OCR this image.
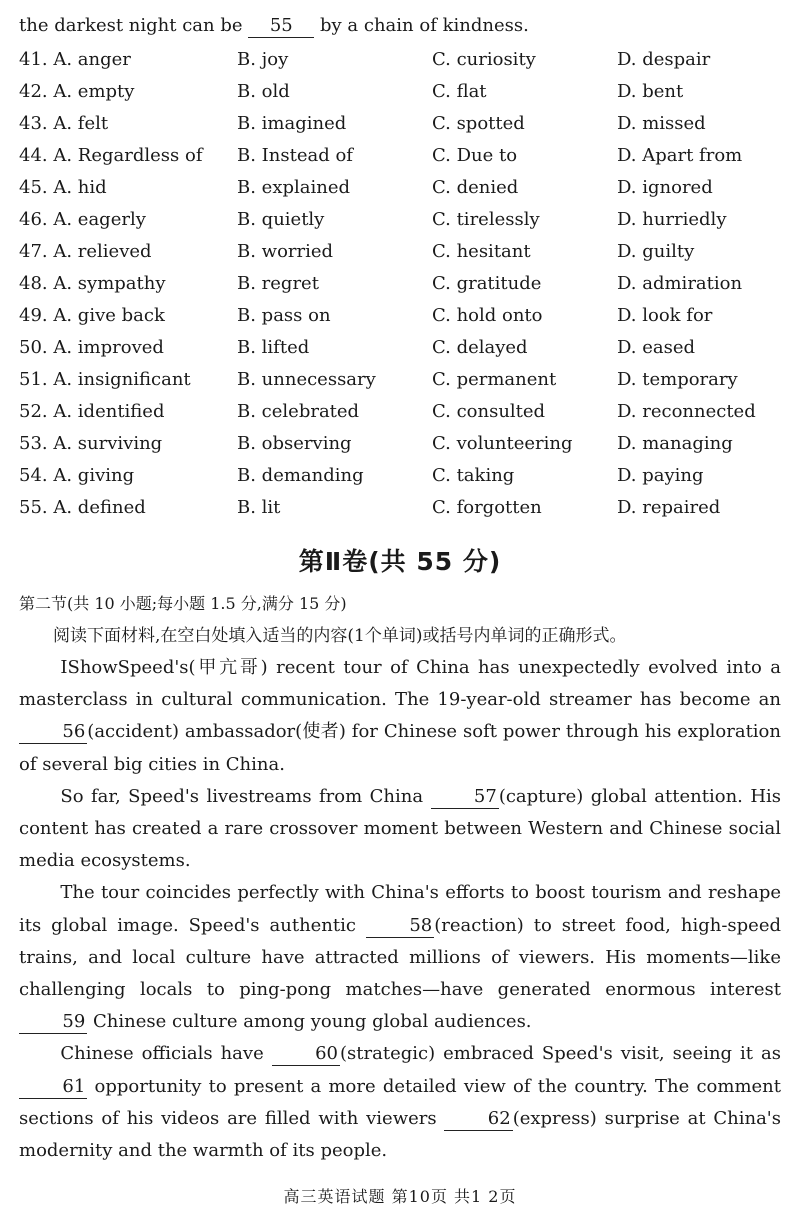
the darkest night can be 55 by a chain of kindness.
41. A. anger	B. joy	C. curiosity	D. despair
42. A. empty	B. old	C. flat	D. bent
43. A. felt	B. imagined	C. spotted	D. missed
44. A. Regardless of	B. Instead of	C. Due to	D. Apart from
45. A. hid	B. explained	C. denied	D. ignored
46. A. eagerly	B. quietly	C. tirelessly	D. hurriedly
47. A. relieved	B. worried	C. hesitant	D. guilty
48. A. sympathy	B. regret	C. gratitude	D. admiration
49. A. give back	B. pass on	C. hold onto	D. look for
50. A. improved	B. lifted	C. delayed	D. eased
51. A. insignificant	B. unnecessary	C. permanent	D. temporary
52. A. identified	B. celebrated	C. consulted	D. reconnected
53. A. surviving	B. observing	C. volunteering	D. managing
54. A. giving	B. demanding	C. taking	D. paying
55. A. defined	B. lit	C. forgotten	D. repaired
第Ⅱ卷(共 55 分)
第二节(共 10 小题;每小题 1.5 分,满分 15 分)
阅读下面材料,在空白处填入适当的内容(1个单词)或括号内单词的正确形式。

IShowSpeed's(甲亢哥) recent tour of China has unexpectedly evolved into a masterclass in cultural communication. The 19-year-old streamer has become an 56 (accident) ambassador(使者) for Chinese soft power through his exploration of several big cities in China.

So far, Speed's livestreams from China 57 (capture) global attention. His content has created a rare crossover moment between Western and Chinese social media ecosystems.

The tour coincides perfectly with China's efforts to boost tourism and reshape its global image. Speed's authentic 58 (reaction) to street food, high-speed trains, and local culture have attracted millions of viewers. His moments—like challenging locals to ping-pong matches—have generated enormous interest 59 Chinese culture among young global audiences.

Chinese officials have 60 (strategic) embraced Speed's visit, seeing it as 61 opportunity to present a more detailed view of the country. The comment sections of his videos are filled with viewers 62 (express) surprise at China's modernity and the warmth of its people.

高三英语试题 第10页 共1 2页
